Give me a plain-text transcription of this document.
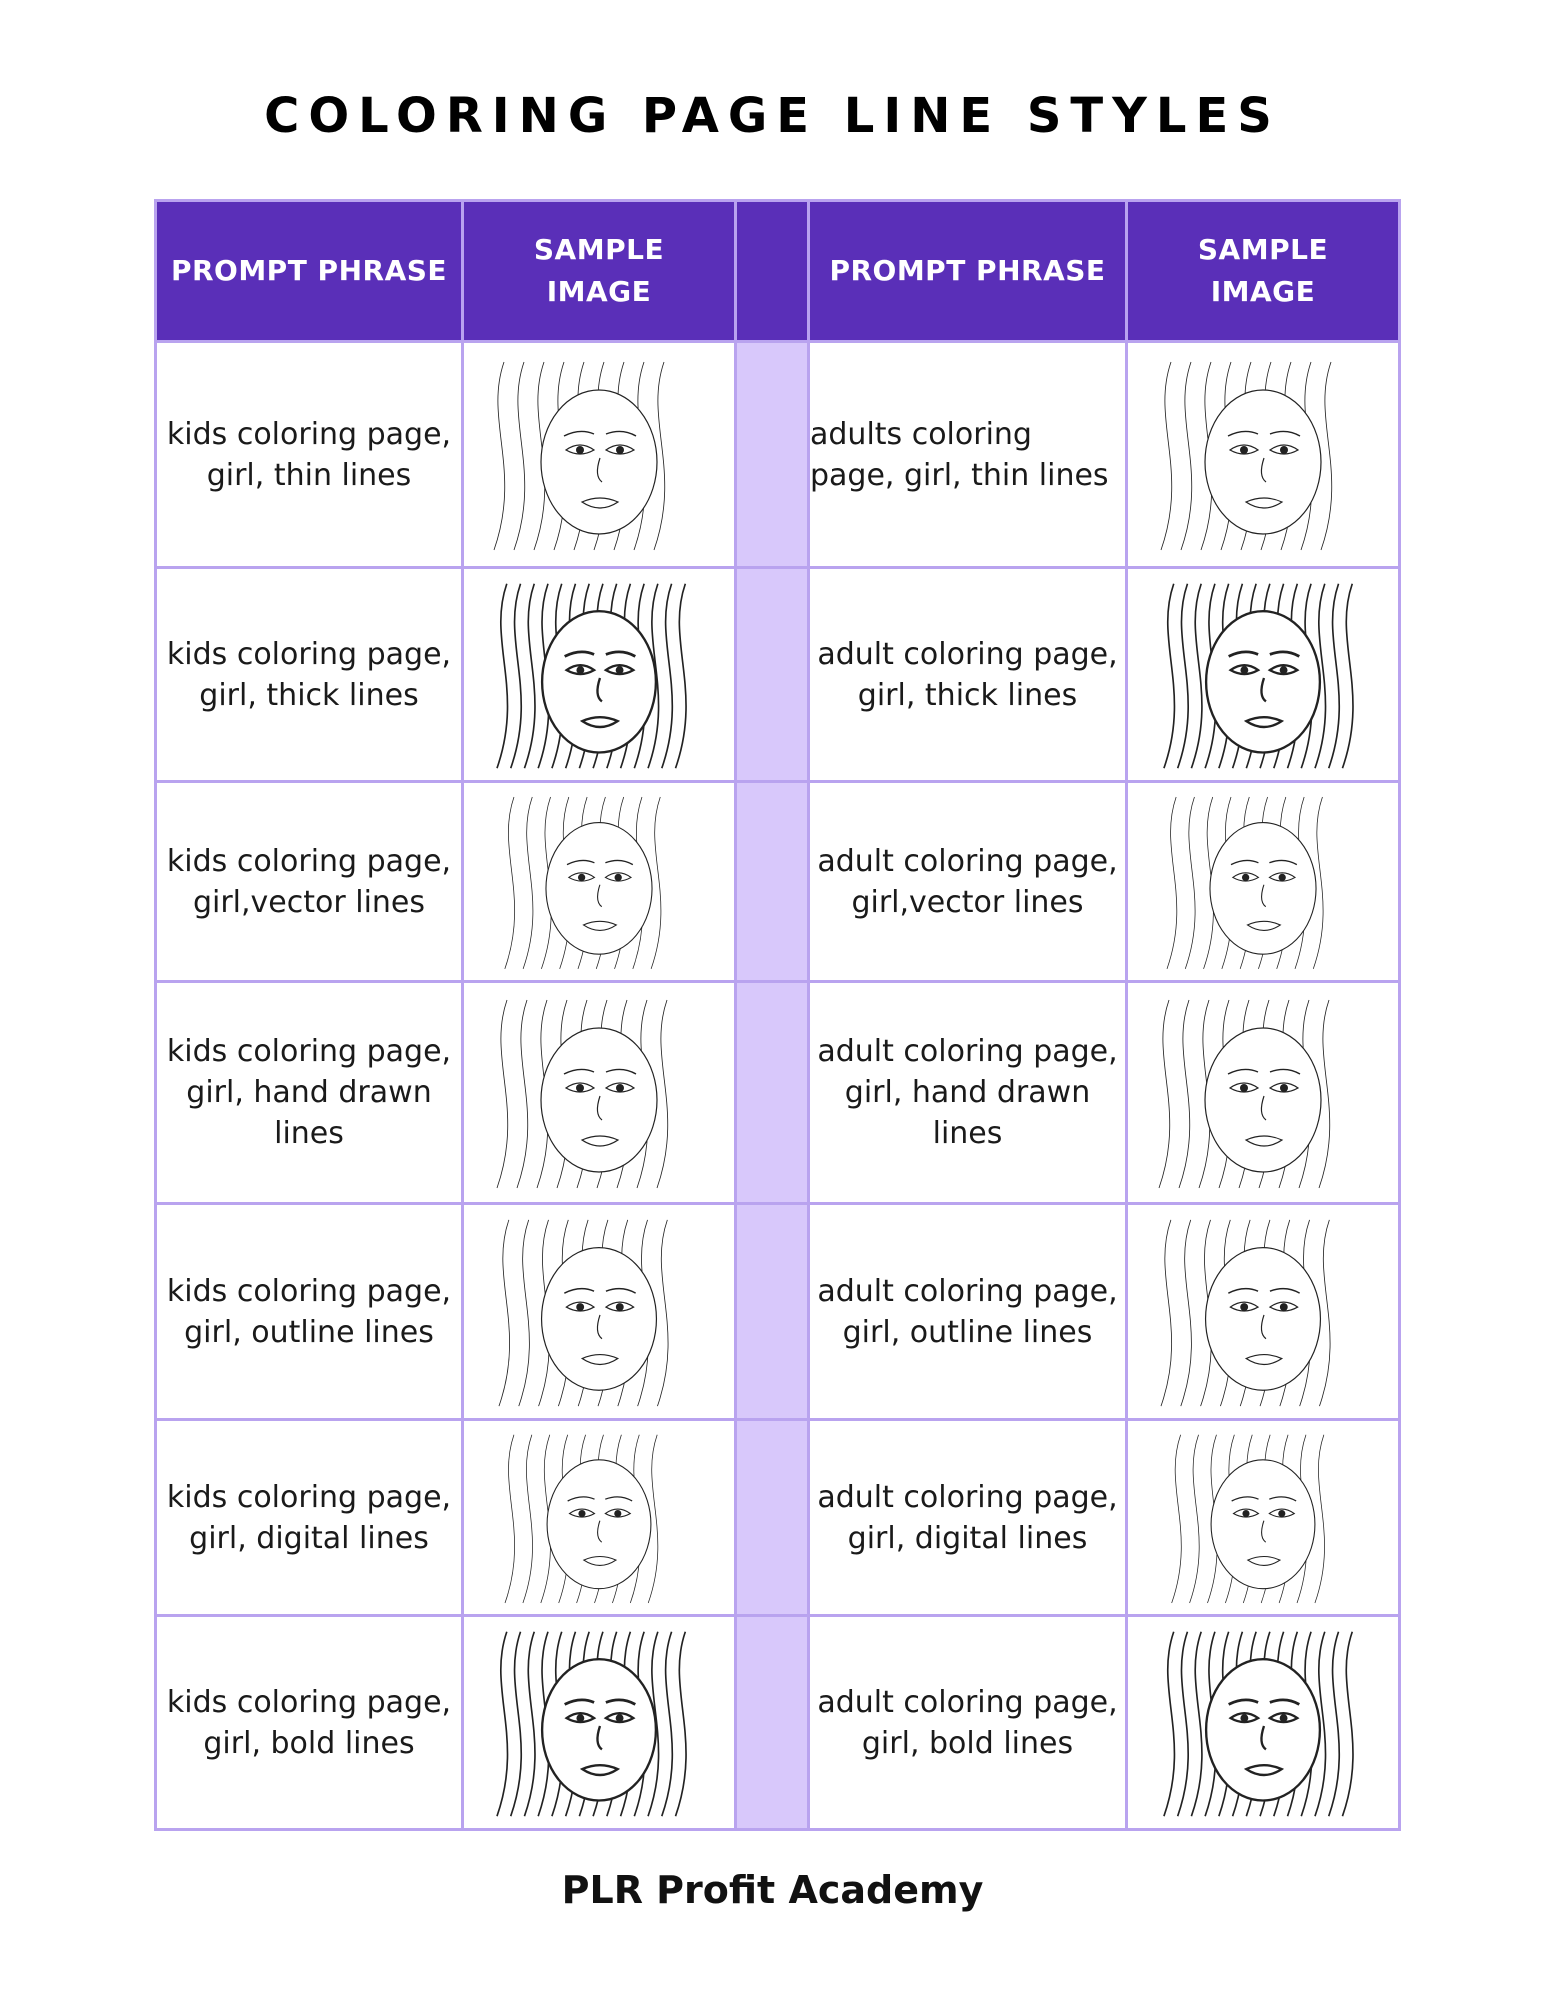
COLORING PAGE LINE STYLES
PROMPT PHRASE	SAMPLE IMAGE		PROMPT PHRASE	SAMPLE IMAGE
kids coloring page, girl, thin lines			adults coloring page, girl, thin lines	

kids coloring page, girl, thick lines			adult coloring page, girl, thick lines	

kids coloring page, girl,vector lines			adult coloring page, girl,vector lines	

kids coloring page, girl, hand drawn lines			adult coloring page, girl, hand drawn lines	

kids coloring page, girl, outline lines			adult coloring page, girl, outline lines	

kids coloring page, girl, digital lines			adult coloring page, girl, digital lines	

kids coloring page, girl, bold lines			adult coloring page, girl, bold lines	
PLR Profit Academy
